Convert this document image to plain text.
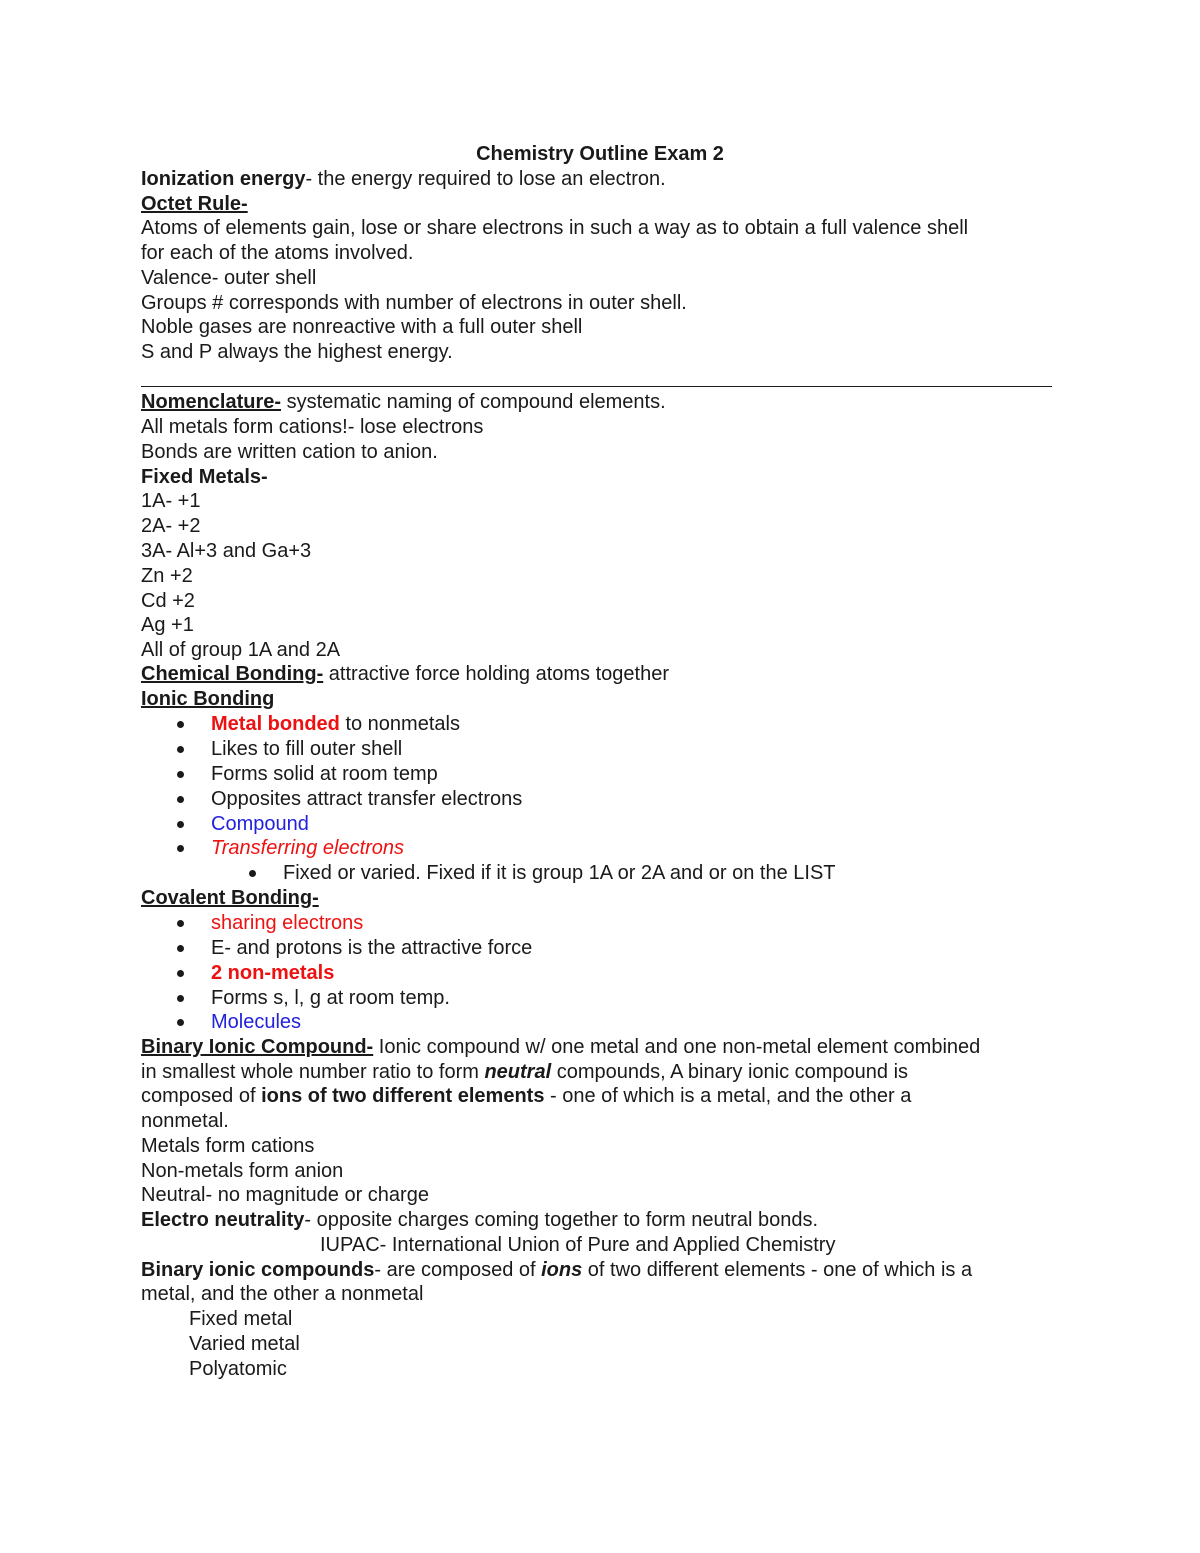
Chemistry Outline Exam 2
Ionization energy- the energy required to lose an electron.
Octet Rule-
Atoms of elements gain, lose or share electrons in such a way as to obtain a full valence shell
for each of the atoms involved.
Valence- outer shell
Groups # corresponds with number of electrons in outer shell.
Noble gases are nonreactive with a full outer shell
S and P always the highest energy.
Nomenclature- systematic naming of compound elements.
All metals form cations!- lose electrons
Bonds are written cation to anion.
Fixed Metals-
1A- +1
2A- +2
3A- Al+3 and Ga+3
Zn +2
Cd +2
Ag +1
All of group 1A and 2A
Chemical Bonding- attractive force holding atoms together
Ionic Bonding
Metal bonded to nonmetals
Likes to fill outer shell
Forms solid at room temp
Opposites attract transfer electrons
Compound
Transferring electrons
Fixed or varied. Fixed if it is group 1A or 2A and or on the LIST
Covalent Bonding-
sharing electrons
E- and protons is the attractive force
2 non-metals
Forms s, l, g at room temp.
Molecules
Binary Ionic Compound- Ionic compound w/ one metal and one non-metal element combined
in smallest whole number ratio to form neutral compounds, A binary ionic compound is
composed of ions of two different elements - one of which is a metal, and the other a
nonmetal.
Metals form cations
Non-metals form anion
Neutral- no magnitude or charge
Electro neutrality- opposite charges coming together to form neutral bonds.
IUPAC- International Union of Pure and Applied Chemistry
Binary ionic compounds- are composed of ions of two different elements - one of which is a
metal, and the other a nonmetal
Fixed metal
Varied metal
Polyatomic
